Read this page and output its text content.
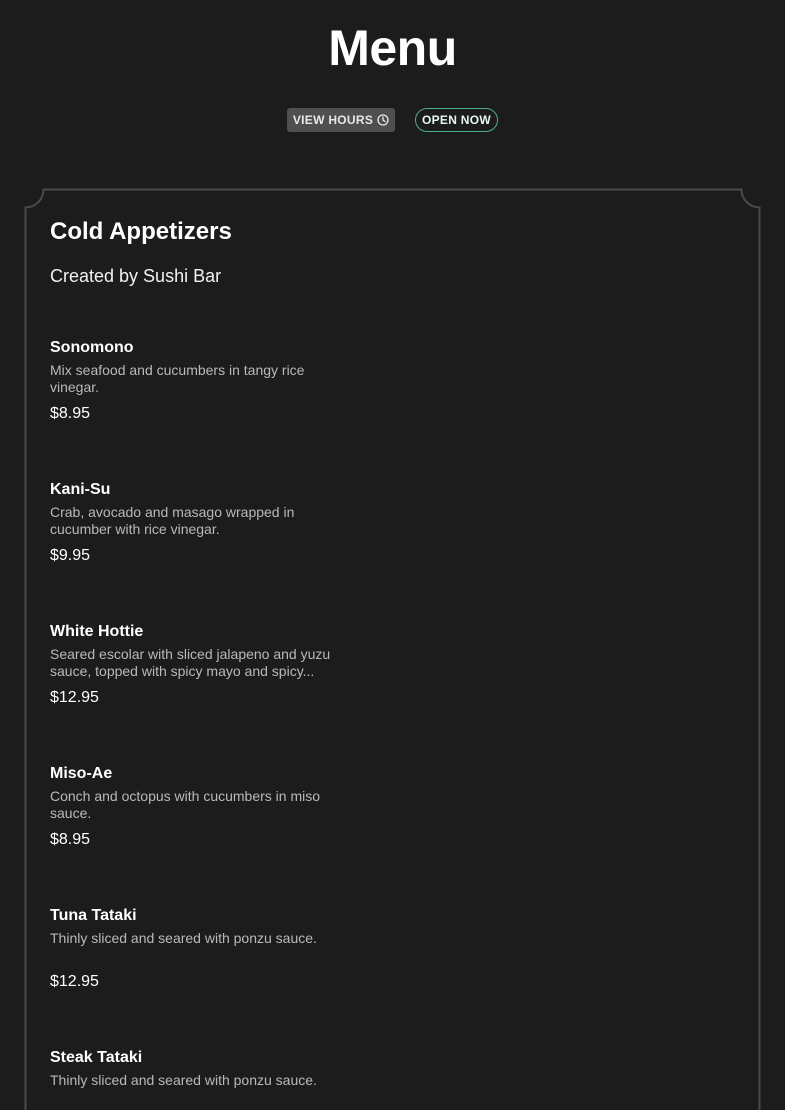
Menu
VIEW HOURS	OPEN NOW
Cold Appetizers
Created by Sushi Bar
Sonomono
Mix seafood and cucumbers in tangy rice vinegar.
$8.95
Kani-Su
Crab, avocado and masago wrapped in cucumber with rice vinegar.
$9.95
White Hottie
Seared escolar with sliced jalapeno and yuzu sauce, topped with spicy mayo and spicy...
$12.95
Miso-Ae
Conch and octopus with cucumbers in miso sauce.
$8.95
Tuna Tataki
Thinly sliced and seared with ponzu sauce.
$12.95
Steak Tataki
Thinly sliced and seared with ponzu sauce.
